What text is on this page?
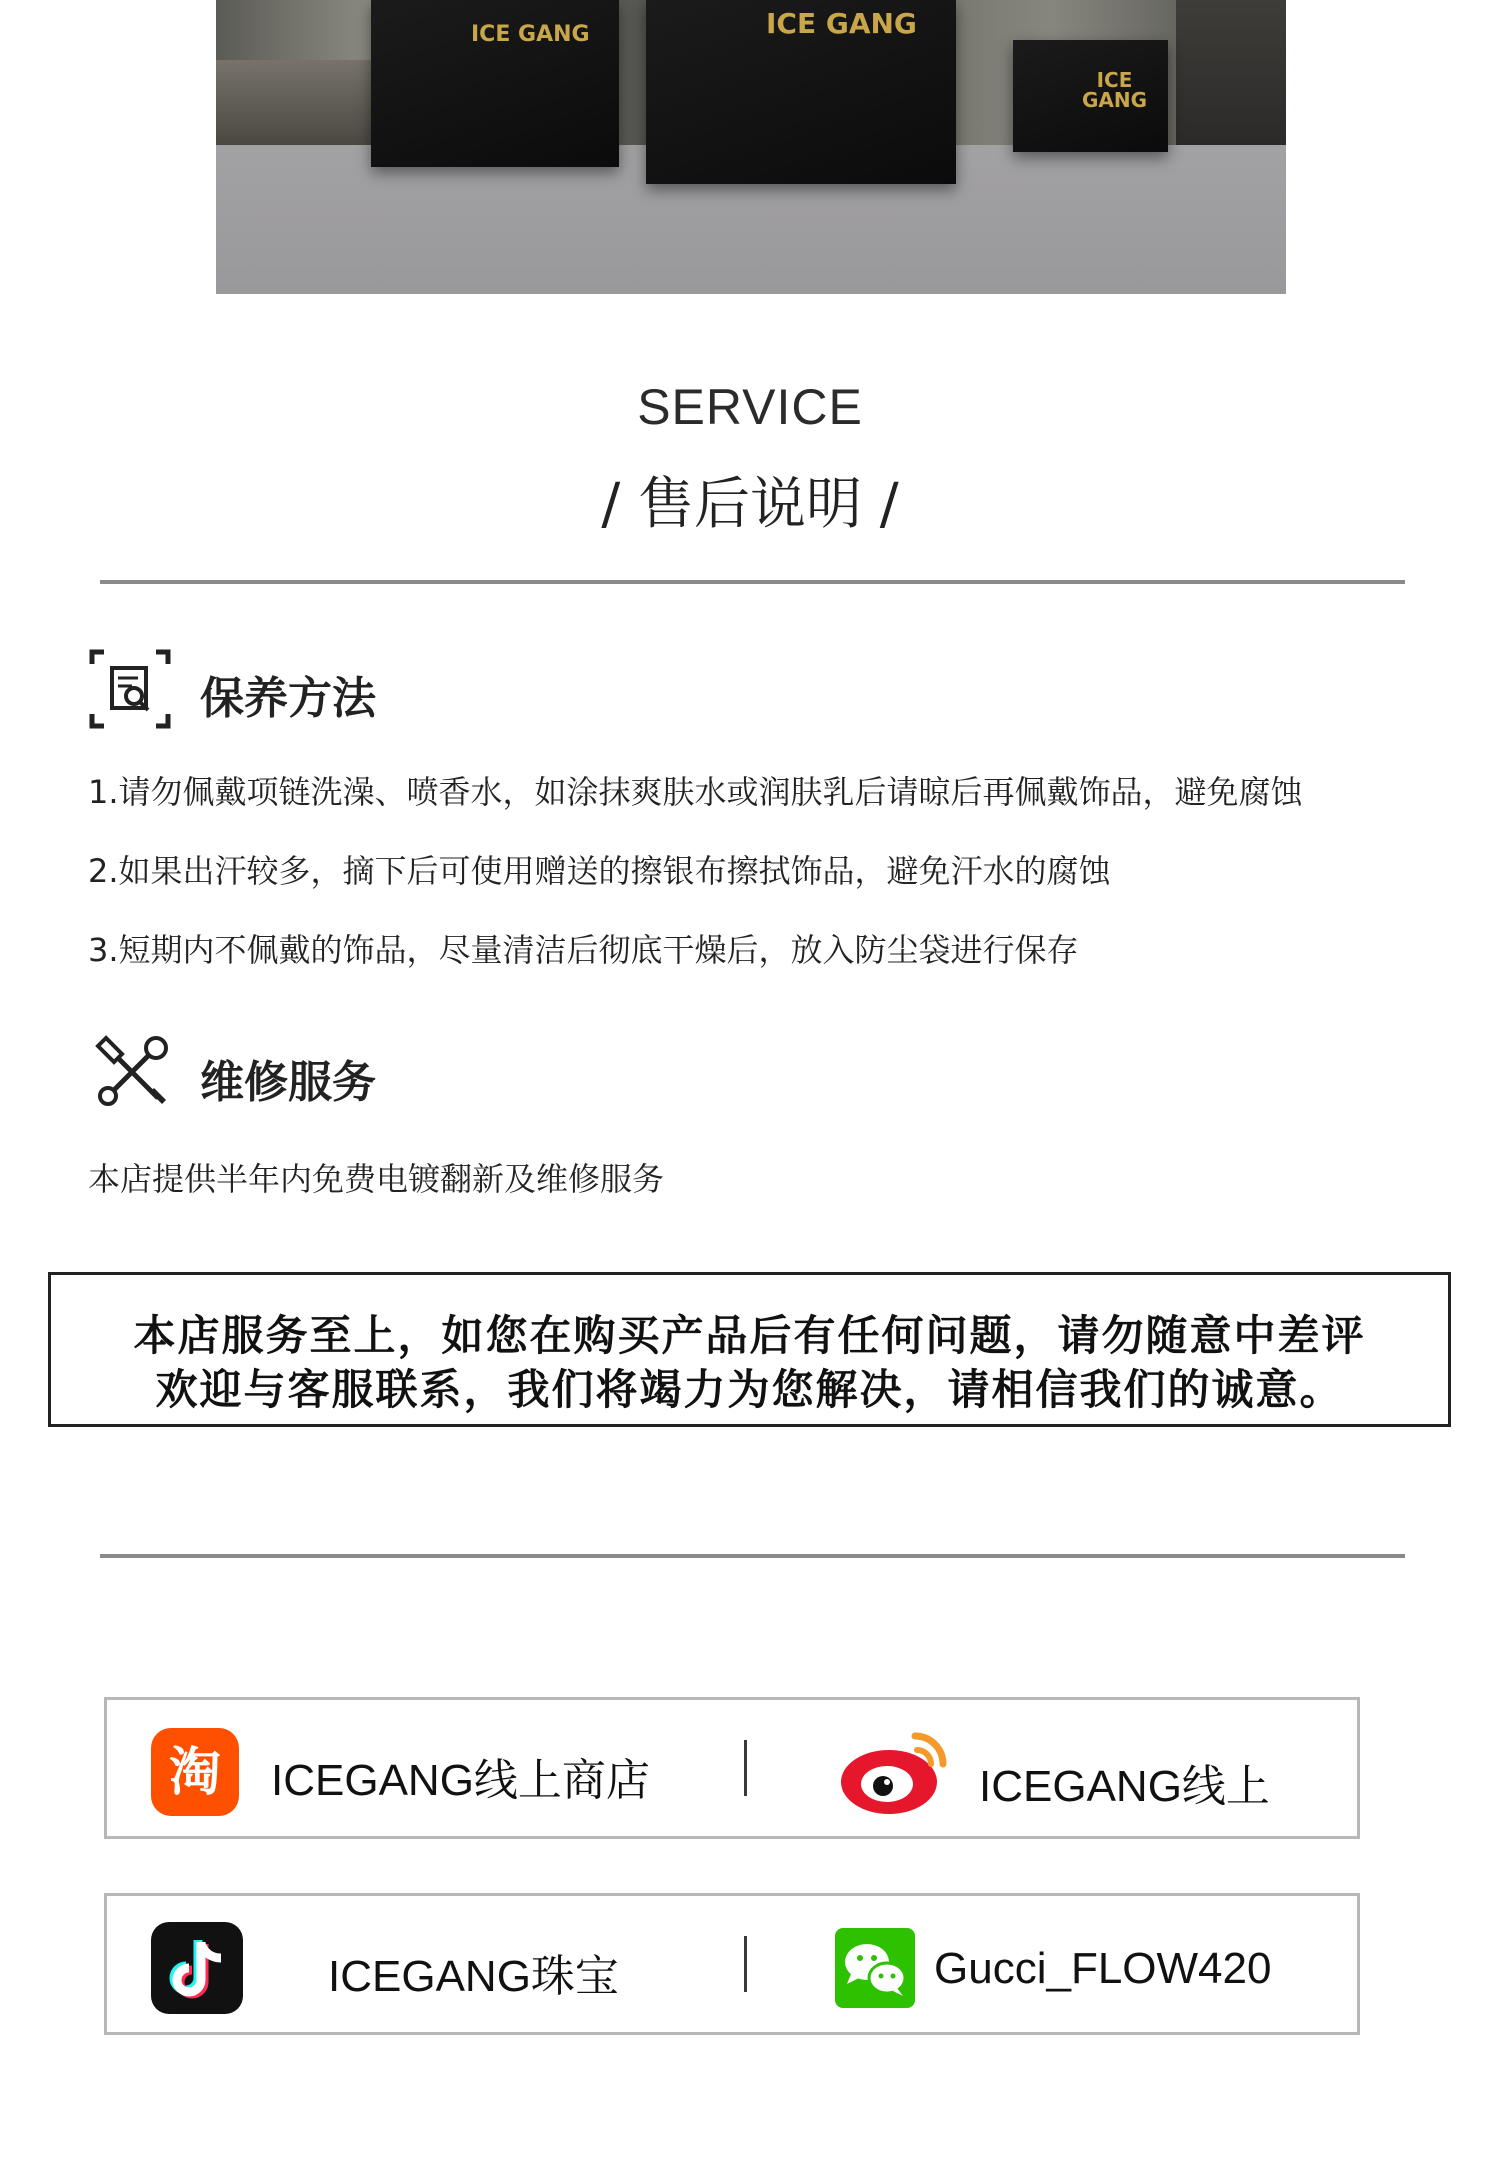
ICE GANG	ICE GANG
ICE GANG
SERVICE
/ 售后说明 /
保养方法
1.请勿佩戴项链洗澡、喷香水，如涂抹爽肤水或润肤乳后请晾后再佩戴饰品，避免腐蚀
2.如果出汗较多，摘下后可使用赠送的擦银布擦拭饰品，避免汗水的腐蚀
3.短期内不佩戴的饰品，尽量清洁后彻底干燥后，放入防尘袋进行保存
维修服务
本店提供半年内免费电镀翻新及维修服务
本店服务至上，如您在购买产品后有任何问题，请勿随意中差评
欢迎与客服联系，我们将竭力为您解决，请相信我们的诚意。
淘 ICEGANG线上商店	ICEGANG线上
ICEGANG珠宝	Gucci_FLOW420
